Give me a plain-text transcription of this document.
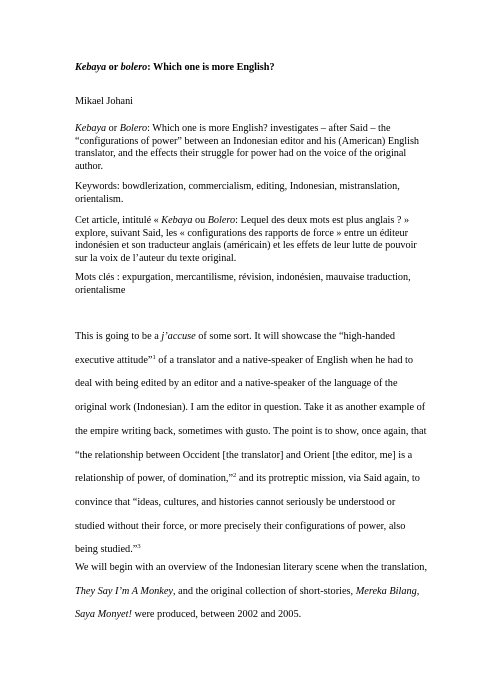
Kebaya or bolero: Which one is more English?
Mikael Johani
Kebaya or Bolero: Which one is more English? investigates – after Said – the “configurations of power” between an Indonesian editor and his (American) English translator, and the effects their struggle for power had on the voice of the original author.
Keywords: bowdlerization, commercialism, editing, Indonesian, mistranslation, orientalism.
Cet article, intitulé « Kebaya ou Bolero: Lequel des deux mots est plus anglais ? » explore, suivant Said, les « configurations des rapports de force » entre un éditeur indonésien et son traducteur anglais (américain) et les effets de leur lutte de pouvoir sur la voix de l’auteur du texte original.
Mots clés : expurgation, mercantilisme, révision, indonésien, mauvaise traduction, orientalisme
This is going to be a j’accuse of some sort. It will showcase the “high-handed executive attitude”$^1$ of a translator and a native-speaker of English when he had to deal with being edited by an editor and a native-speaker of the language of the original work (Indonesian). I am the editor in question. Take it as another example of the empire writing back, sometimes with gusto. The point is to show, once again, that “the relationship between Occident [the translator] and Orient [the editor, me] is a relationship of power, of domination,”$^2$ and its protreptic mission, via Said again, to convince that “ideas, cultures, and histories cannot seriously be understood or studied without their force, or more precisely their configurations of power, also being studied.”$^3$
We will begin with an overview of the Indonesian literary scene when the translation, They Say I’m A Monkey, and the original collection of short-stories, Mereka Bilang, Saya Monyet! were produced, between 2002 and 2005.
